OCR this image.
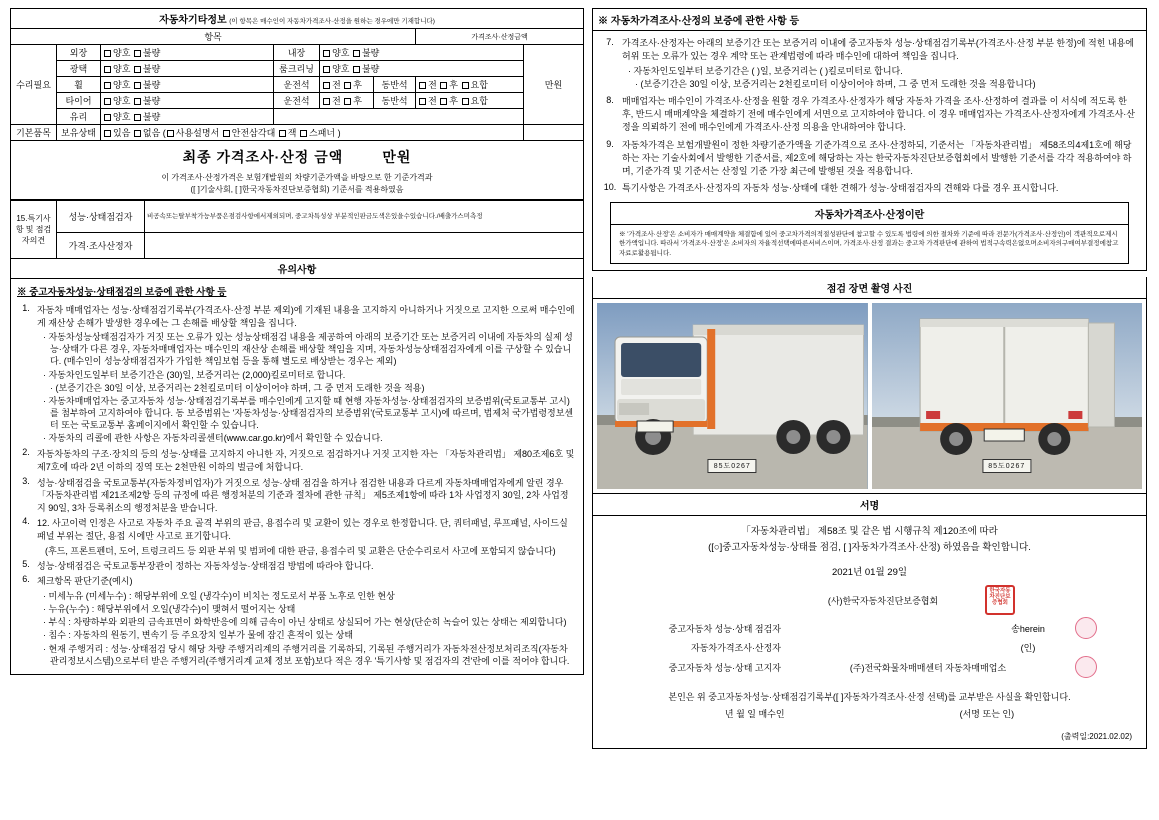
자동차기타정보 (이 항목은 매수인이 자동차가격조사·산정을 원하는 경우에만 기재합니다)							
항목						가격조사·산정금액	
수리필요	외장	양호 불량	내장	양호 불량			만원
	광택	양호 불량	룸크리닝	양호 불량			
	휠	양호 불량	운전석	전 후	동반석	전 후 요합	
	타이어	양호 불량	운전석	전 후	동반석	전 후 요합	
	유리	양호 불량					
기본품목	보유상태	있음 없음 ( 사용설명서 안전삼각대 잭 스패너 )					
최종 가격조사·산정 금액	만원
이 가격조사·산정가격은 보험개발원의 차량기준가액을 바탕으로 한 기준가격과
([ ]기술사회, [ ]한국자동차진단보증협회) 기준서를 적용하였음
15.특기사항 및 점검자의견	성능·상태점검자	비공속또는탈부착가능부품은점검사항에서제외되며, 중고차특성상 부분적인판금도색은있을수있습니다./배출가스미측정
	가격·조사산정자	
유의사항
※ 중고자동차성능·상태점검의 보증에 관한 사항 등
1.	자동차 매매업자는 성능·상태점검기록부(가격조사·산정 부분 제외)에 기재된 내용을 고지하지 아니하거나 거짓으로 고지한 으로써 매수인에게 재산상 손해가 발생한 경우에는 그 손해를 배상할 책임을 집니다.
· 자동차성능상태점검자가 거짓 또는 오류가 있는 성능상태점검 내용을 제공하여 아래의 보증기간 또는 보증거리 이내에 자동차의 실제 성능·상태가 다른 경우, 자동차매매업자는 매수인의 재산상 손해를 배상할 책임을 지며, 자동차성능상태점검자에게 이를 구상할 수 있습니다. (매수인이 성능상태점검자가 가입한 책임보험 등을 통해 별도로 배상받는 경우는 제외)
· 자동차인도일부터 보증기간은 (30)일, 보증거리는 (2,000)킬로미터로 합니다.
· (보증기간은 30일 이상, 보증거리는 2천킬로미터 이상이어야 하며, 그 중 먼저 도래한 것을 적용)
· 자동차매매업자는 중고자동차 성능·상태점검기록부를 매수인에게 고지할 때 현행 자동차성능·상태점검자의 보증범위(국토교통부 고시)를 첨부하여 고지하여야 합니다. 동 보증범위는 '자동차성능·상태점검자의 보증범위'(국토교통부 고시)에 따르며, 법제처 국가법령정보센터 또는 국토교통부 홈페이지에서 확인할 수 있습니다.
· 자동차의 리콜에 관한 사항은 자동차리콜센터(www.car.go.kr)에서 확인할 수 있습니다.

2.	자동차동차의 구조·장치의 등의 성능·상태를 고지하지 아니한 자, 거짓으로 점검하거나 거짓 고지한 자는 「자동차관리법」 제80조제6호 및 제7호에 따라 2년 이하의 징역 또는 2천만원 이하의 벌금에 처합니다.
3.	성능·상태점검을 국토교통부(자동차정비업자)가 거짓으로 성능·상태 점검을 하거나 점검한 내용과 다르게 자동차매매업자에게 알린 경우 「자동차관리법 제21조제2항 등의 규정에 따른 행정처분의 기준과 절차에 관한 규칙」 제5조제1항에 따라 1차 사업정지 30일, 2차 사업정지 90일, 3차 등록취소의 행정처분을 받습니다.
4.	12. 사고이력 인정은 사고로 자동차 주요 골격 부위의 판금, 용접수리 및 교환이 있는 경우로 한정합니다. 단, 쿼터패널, 루프패널, 사이드실패널 부위는 절단, 용접 시에만 사고로 표기합니다.
(후드, 프론트펜더, 도어, 트렁크리드 등 외판 부위 및 범퍼에 대한 판금, 용접수리 및 교환은 단순수리로서 사고에 포함되지 않습니다)

5.	성능·상태점검은 국토교통부장관이 정하는 자동차성능·상태점검 방법에 따라야 합니다.
6.	체크항목 판단기준(예시)
· 미세누유 (미세누수) : 해당부위에 오일 (냉각수)이 비치는 정도로서 부품 노후로 인한 현상
· 누유(누수) : 해당부위에서 오일(냉각수)이 맺혀서 떨어지는 상태
· 부식 : 차량하부와 외판의 금속표면이 화학반응에 의해 금속이 아닌 상태로 상실되어 가는 현상(단순히 녹슬어 있는 상태는 제외합니다)
· 침수 : 자동차의 원동기, 변속기 등 주요장치 일부가 물에 잠긴 흔적이 있는 상태
· 현재 주행거리 : 성능·상태점검 당시 해당 차량 주행거리계의 주행거리를 기록하되, 기록된 주행거리가 자동차전산정보처리조직(자동차관리정보시스템)으로부터 받은 주행거리(주행거리계 교체 정보 포함)보다 적은 경우 '특기사항 및 점검자의 견'란에 이를 적어야 합니다.
※ 자동차가격조사·산정의 보증에 관한 사항 등
7.	가격조사·산정자는 아래의 보증기간 또는 보증거리 이내에 중고자동차 성능·상태점검기록부(가격조사·산정 부분 한정)에 적힌 내용에 허위 또는 오류가 있는 경우 계약 또는 관계법령에 따라 매수인에 대하여 책임을 집니다.
· 자동차인도일부터 보증기간은 ( )일, 보증거리는 ( )킬로미터로 합니다.
· (보증기간은 30일 이상, 보증거리는 2천킬로미터 이상이어야 하며, 그 중 먼저 도래한 것을 적용합니다)

8.	매매업자는 매수인이 가격조사·산정을 원할 경우 가격조사·산정자가 해당 자동차 가격을 조사·산정하여 결과를 이 서식에 적도록 한 후, 반드시 매매계약을 체결하기 전에 매수인에게 서면으로 고지하여야 합니다. 이 경우 매매업자는 가격조사·산정자에게 가격조사·산정을 의뢰하기 전에 매수인에게 가격조사·산정 의용을 안내하여야 합니다.
9.	자동차가격은 보험개발원이 정한 차량기준가액을 기준가격으로 조사·산정하되, 기준서는 「자동차관리법」 제58조의4제1호에 해당하는 자는 기술사회에서 발행한 기준서를, 제2호에 해당하는 자는 한국자동차진단보증협회에서 발행한 기준서를 각각 적용하여야 하며, 기준가격 및 기준서는 산정일 기준 가장 최근에 발행된 것을 적용합니다.
10.	특기사항은 가격조사·산정자의 자동차 성능·상태에 대한 견해가 성능·상태점검자의 견해와 다를 경우 표시합니다.
자동차가격조사·산정이란
※ '가격조사·산정'은 소비자가 매매계약을 체결함에 있어 중고차가격의적절성판단에 참고할 수 있도록 법령에 의한 절차와 기준에 따라 전문가(가격조사·산정인)이 객관적으로제시한가액입니다. 따라서 '가격조사·산정'은 소비자의 자율적선택에따른서비스이며, 가격조사·산정 결과는 중고차 가격판단에 관하여 법적구속력은없으며소비자의구매여부결정에참고자료로활용됩니다.
점검 장면 촬영 사진
85도0267	85도0267
서명
「자동차관리법」 제58조 및 같은 법 시행규칙 제120조에 따라
([○]중고자동차성능·상태를 점검, [ ]자동차가격조사·산정) 하였음을 확인합니다.
2021년 01월 29일
	(사)한국자동차진단보증협회	한국자동차진단보증협회	
중고자동차 성능·상태 점검자		송herein	
자동차가격조사·산정자		(인)	
중고자동차 성능·상태 고지자	(주)전국화물차매매센터 자동차매매업소		
본인은 위 중고자동차성능·상태점검기록부([ ]자동차가격조사·산정 선택)를 교부받은 사실을 확인합니다.
년 월 일 매수인	(서명 또는 인)
(출력일:2021.02.02)
